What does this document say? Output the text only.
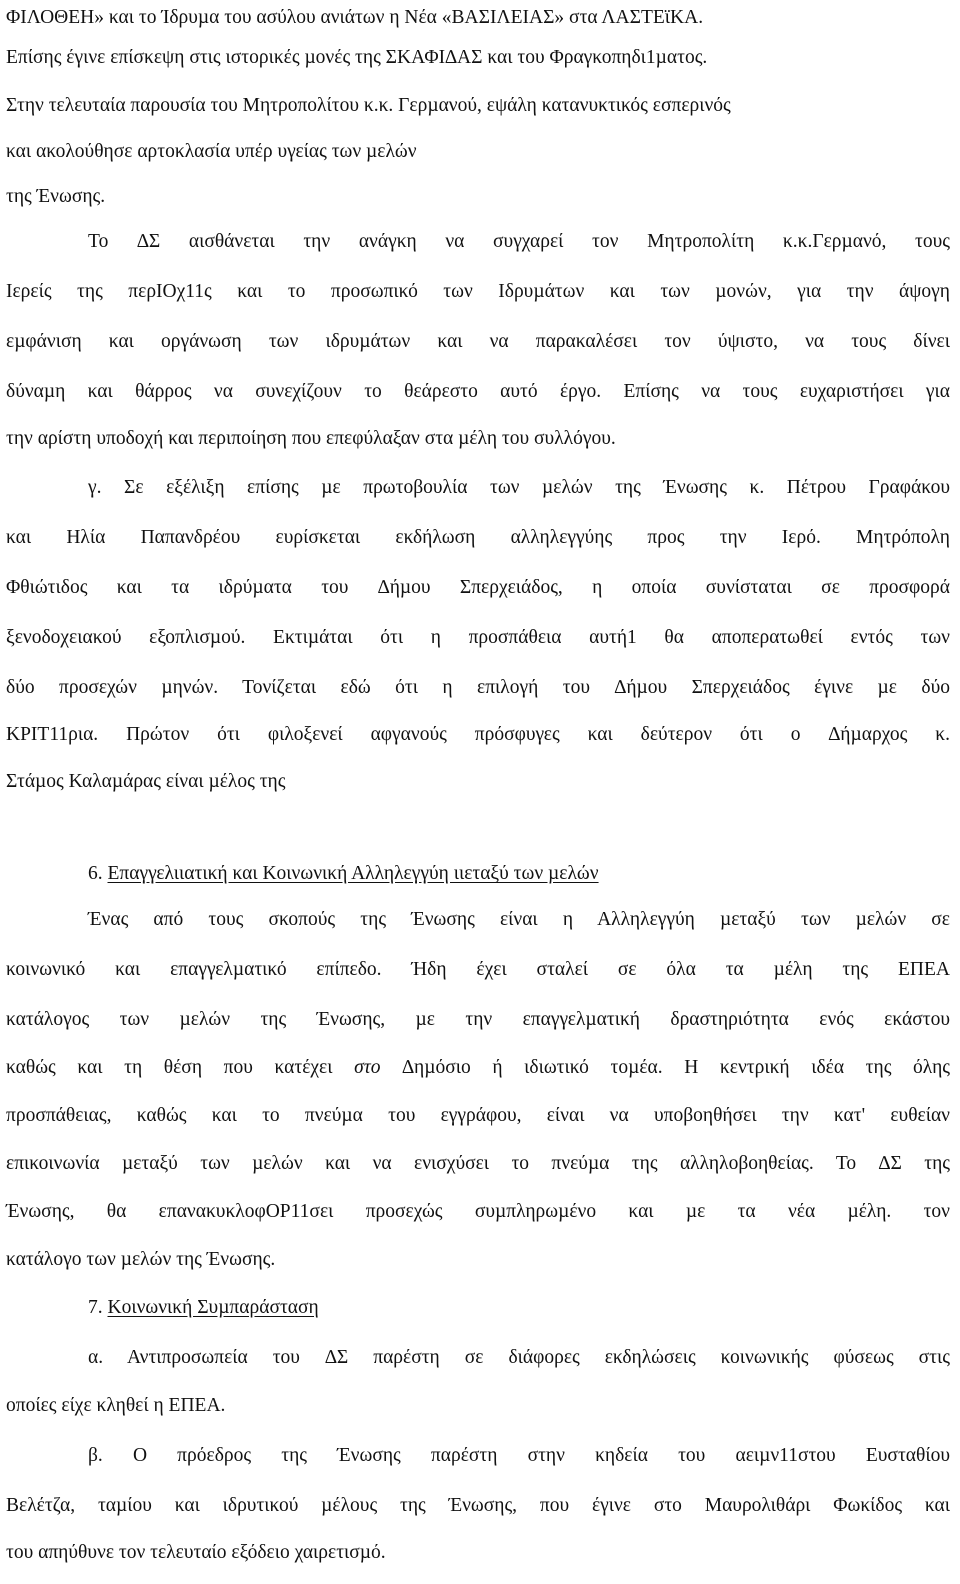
ΦΙΛΟΘΕΗ» και το Ίδρυµα του ασύλου ανιάτων η Νέα «ΒΑΣΙΛΕΙΑΣ» στα ΛΑΣΤΕϊΚΑ.
Επίσης έγινε επίσκεψη στις ιστορικές µονές της ΣΚΑΦΙ∆ΑΣ και του Φραγκοπηδι1µατος.
Στην τελευταία παρουσία του Μητροπολίτου κ.κ. Γερµανού, εψάλη κατανυκτικός εσπερινός
και ακολούθησε αρτοκλασία υπέρ υγείας των µελών
της Ένωσης.
Το ∆Σ αισθάνεται την ανάγκη να συγχαρεί τον Μητροπολίτη κ.κ.Γερµανό, τους
Ιερείς της περΙΟχ11ς και το προσωπικό των Ιδρυµάτων και των µονών, για την άψογη
εµφάνιση και οργάνωση των ιδρυµάτων και να παρακαλέσει τον ύψιστο, να τους δίνει
δύναµη και θάρρος να συνεχίζουν το θεάρεστο αυτό έργο. Επίσης να τους ευχαριστήσει για
την αρίστη υποδοχή και περιποίηση που επεφύλαξαν στα µέλη του συλλόγου.
γ. Σε εξέλιξη επίσης µε πρωτοβουλία των µελών της Ένωσης κ. Πέτρου Γραφάκου
και Ηλία Παπανδρέου ευρίσκεται εκδήλωση αλληλεγγύης προς την Ιερό. Μητρόπολη
Φθιώτιδος και τα ιδρύµατα του ∆ήµου Σπερχειάδος, η οποία συνίσταται σε προσφορά
ξενοδοχειακού εξοπλισµού. Εκτιµάται ότι η προσπάθεια αυτή1 θα αποπερατωθεί εντός των
δύο προσεχών µηνών. Τονίζεται εδώ ότι η επιλογή του ∆ήµου Σπερχειάδος έγινε µε δύο
ΚΡΙΤ11ρια. Πρώτον ότι φιλοξενεί αφγανούς πρόσφυγες και δεύτερον ότι ο ∆ήµαρχος κ.
Στάµος Καλαµάρας είναι µέλος της
6. Επαγγελιιατική και Κοινωνική Αλληλεγγύη ιιεταξύ των µελών
Ένας από τους σκοπούς της Ένωσης είναι η Αλληλεγγύη µεταξύ των µελών σε
κοινωνικό και επαγγελµατικό επίπεδο. Ήδη έχει σταλεί σε όλα τα µέλη της ΕΠΕΑ
κατάλογος των µελών της Ένωσης, µε την επαγγελµατική δραστηριότητα ενός εκάστου
καθώς και τη θέση που κατέχει στο ∆ηµόσιο ή ιδιωτικό τοµέα. Η κεντρική ιδέα της όλης
προσπάθειας, καθώς και το πνεύµα του εγγράφου, είναι να υποβοηθήσει την κατ' ευθείαν
επικοινωνία µεταξύ των µελών και να ενισχύσει το πνεύµα της αλληλοβοηθείας. Το ∆Σ της
Ένωσης, θα επανακυκλοφΟΡ11σει προσεχώς συµπληρωµένο και µε τα νέα µέλη. τον
κατάλογο των µελών της Ένωσης.
7. Κοινωνική Συµπαράσταση
α. Αντιπροσωπεία του ∆Σ παρέστη σε διάφορες εκδηλώσεις κοινωνικής φύσεως στις
οποίες είχε κληθεί η ΕΠΕΑ.
β. Ο πρόεδρος της Ένωσης παρέστη στην κηδεία του αειµν11στου Ευσταθίου
Βελέτζα, ταµίου και ιδρυτικού µέλους της Ένωσης, που έγινε στο Μαυρολιθάρι Φωκίδος και
του απηύθυνε τον τελευταίο εξόδειο χαιρετισµό.
